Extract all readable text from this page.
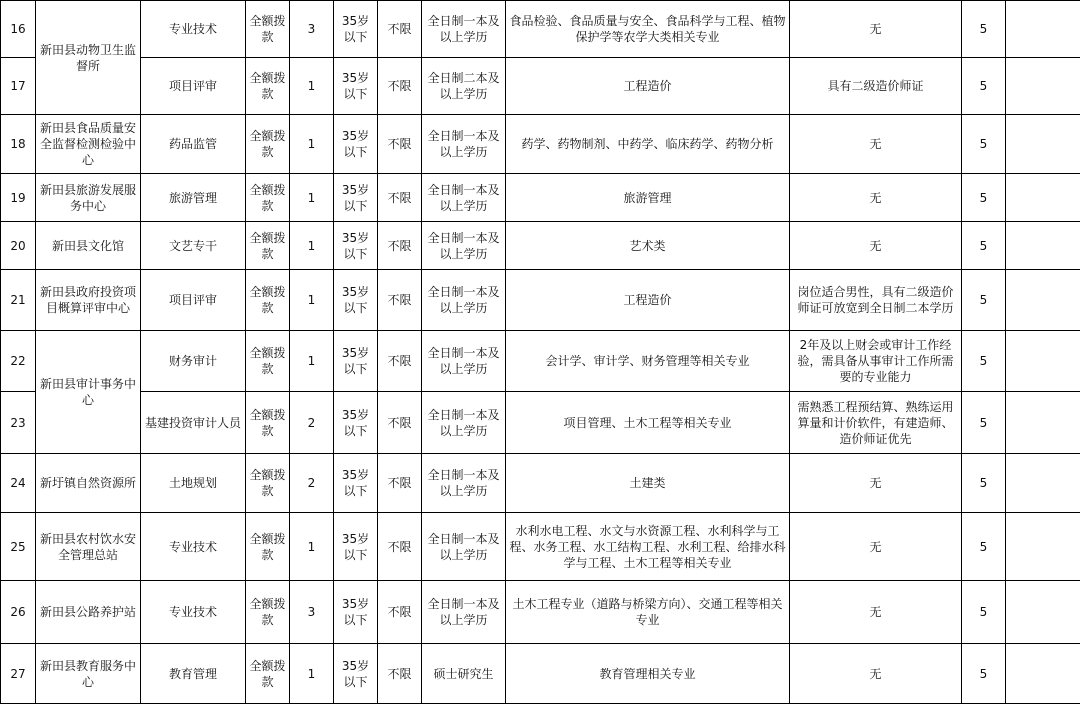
16	新田县动物卫生监督所	专业技术	全额拨款	3	35岁以下	不限	全日制一本及以上学历	食品检验、食品质量与安全、食品科学与工程、植物保护学等农学大类相关专业	无	5	
17		项目评审	全额拨款	1	35岁以下	不限	全日制二本及以上学历	工程造价	具有二级造价师证	5	
18	新田县食品质量安全监督检测检验中心	药品监管	全额拨款	1	35岁以下	不限	全日制一本及以上学历	药学、药物制剂、中药学、临床药学、药物分析	无	5	
19	新田县旅游发展服务中心	旅游管理	全额拨款	1	35岁以下	不限	全日制一本及以上学历	旅游管理	无	5	
20	新田县文化馆	文艺专干	全额拨款	1	35岁以下	不限	全日制一本及以上学历	艺术类	无	5	
21	新田县政府投资项目概算评审中心	项目评审	全额拨款	1	35岁以下	不限	全日制一本及以上学历	工程造价	岗位适合男性，具有二级造价师证可放宽到全日制二本学历	5	
22	新田县审计事务中心	财务审计	全额拨款	1	35岁以下	不限	全日制一本及以上学历	会计学、审计学、财务管理等相关专业	2年及以上财会或审计工作经验，需具备从事审计工作所需要的专业能力	5	
23		基建投资审计人员	全额拨款	2	35岁以下	不限	全日制一本及以上学历	项目管理、土木工程等相关专业	需熟悉工程预结算、熟练运用算量和计价软件，有建造师、造价师证优先	5	
24	新圩镇自然资源所	土地规划	全额拨款	2	35岁以下	不限	全日制一本及以上学历	土建类	无	5	
25	新田县农村饮水安全管理总站	专业技术	全额拨款	1	35岁以下	不限	全日制一本及以上学历	水利水电工程、水文与水资源工程、水利科学与工程、水务工程、水工结构工程、水利工程、给排水科学与工程、土木工程等相关专业	无	5	
26	新田县公路养护站	专业技术	全额拨款	3	35岁以下	不限	全日制一本及以上学历	土木工程专业（道路与桥梁方向）、交通工程等相关专业	无	5	
27	新田县教育服务中心	教育管理	全额拨款	1	35岁以下	不限	硕士研究生	教育管理相关专业	无	5	
